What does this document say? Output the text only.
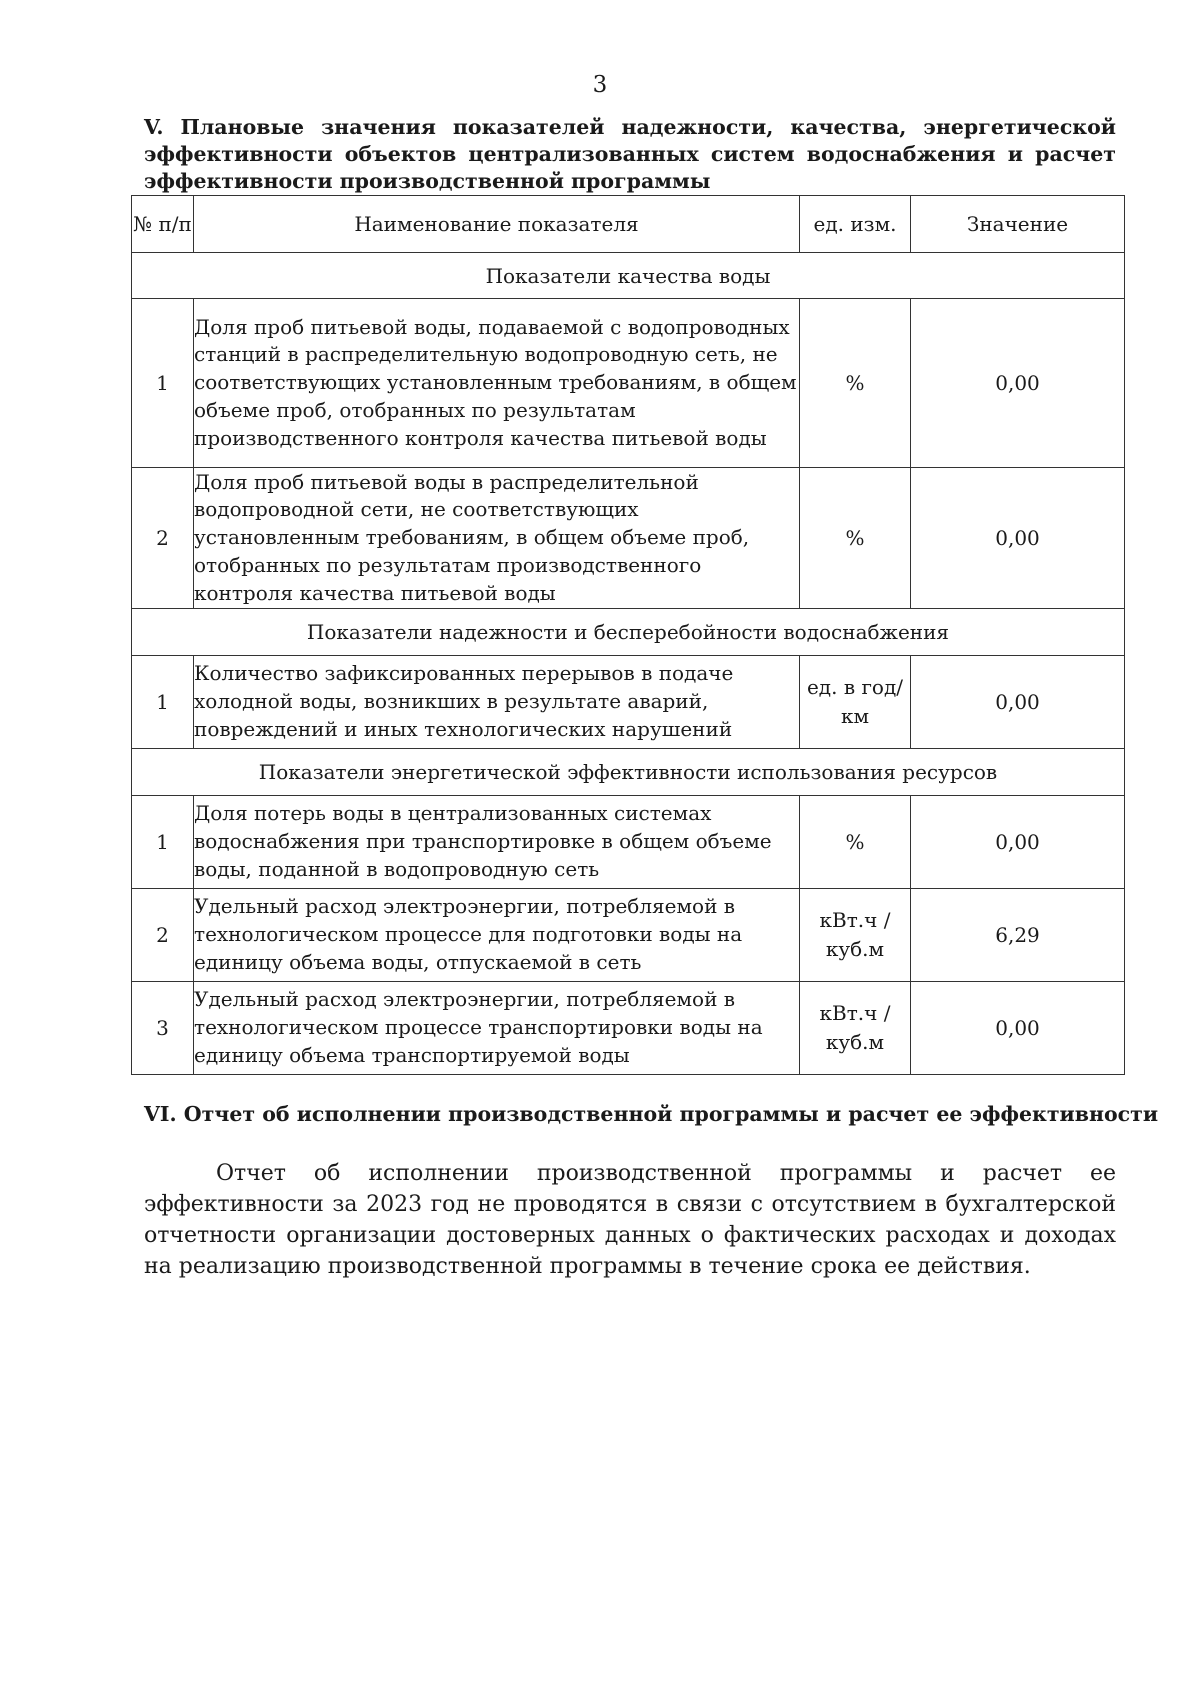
3
V. Плановые значения показателей надежности, качества, энергетической эффективности объектов централизованных систем водоснабжения и расчет эффективности производственной программы
№ п/п	Наименование показателя	ед. изм.	Значение
Показатели качества воды			
1	Доля проб питьевой воды, подаваемой с водопроводных станций в распределительную водопроводную сеть, не соответствующих установленным требованиям, в общем объеме проб, отобранных по результатам производственного контроля качества питьевой воды	%	0,00
2	Доля проб питьевой воды в распределительной водопроводной сети, не соответствующих установленным требованиям, в общем объеме проб, отобранных по результатам производственного контроля качества питьевой воды	%	0,00
Показатели надежности и бесперебойности водоснабжения			
1	Количество зафиксированных перерывов в подаче холодной воды, возникших в результате аварий, повреждений и иных технологических нарушений	ед. в год/ км	0,00
Показатели энергетической эффективности использования ресурсов			
1	Доля потерь воды в централизованных системах водоснабжения при транспортировке в общем объеме воды, поданной в водопроводную сеть	%	0,00
2	Удельный расход электроэнергии, потребляемой в технологическом процессе для подготовки воды на единицу объема воды, отпускаемой в сеть	кВт.ч / куб.м	6,29
3	Удельный расход электроэнергии, потребляемой в технологическом процессе транспортировки воды на единицу объема транспортируемой воды	кВт.ч / куб.м	0,00
VI. Отчет об исполнении производственной программы и расчет ее эффективности

Отчет об исполнении производственной программы и расчет ее эффективности за 2023 год не проводятся в связи с отсутствием в бухгалтерской отчетности организации достоверных данных о фактических расходах и доходах на реализацию производственной программы в течение срока ее действия.
